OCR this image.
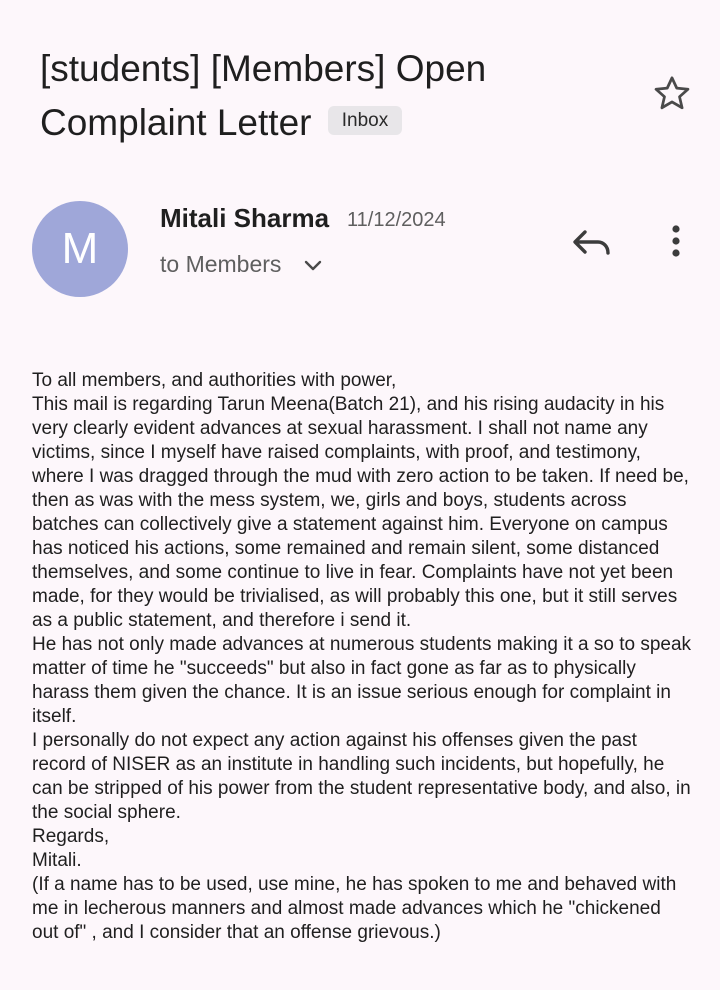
[students] [Members] Open Complaint Letter Inbox
M
Mitali Sharma 11/12/2024
to Members

To all members, and authorities with power,

This mail is regarding Tarun Meena(Batch 21), and his rising audacity in his very clearly evident advances at sexual harassment. I shall not name any victims, since I myself have raised complaints, with proof, and testimony, where I was dragged through the mud with zero action to be taken. If need be, then as was with the mess system, we, girls and boys, students across batches can collectively give a statement against him. Everyone on campus has noticed his actions, some remained and remain silent, some distanced themselves, and some continue to live in fear. Complaints have not yet been made, for they would be trivialised, as will probably this one, but it still serves as a public statement, and therefore i send it.

He has not only made advances at numerous students making it a so to speak matter of time he "succeeds" but also in fact gone as far as to physically harass them given the chance. It is an issue serious enough for complaint in itself.

I personally do not expect any action against his offenses given the past record of NISER as an institute in handling such incidents, but hopefully, he can be stripped of his power from the student representative body, and also, in the social sphere.

Regards,

Mitali.

(If a name has to be used, use mine, he has spoken to me and behaved with me in lecherous manners and almost made advances which he "chickened out of" , and I consider that an offense grievous.)
